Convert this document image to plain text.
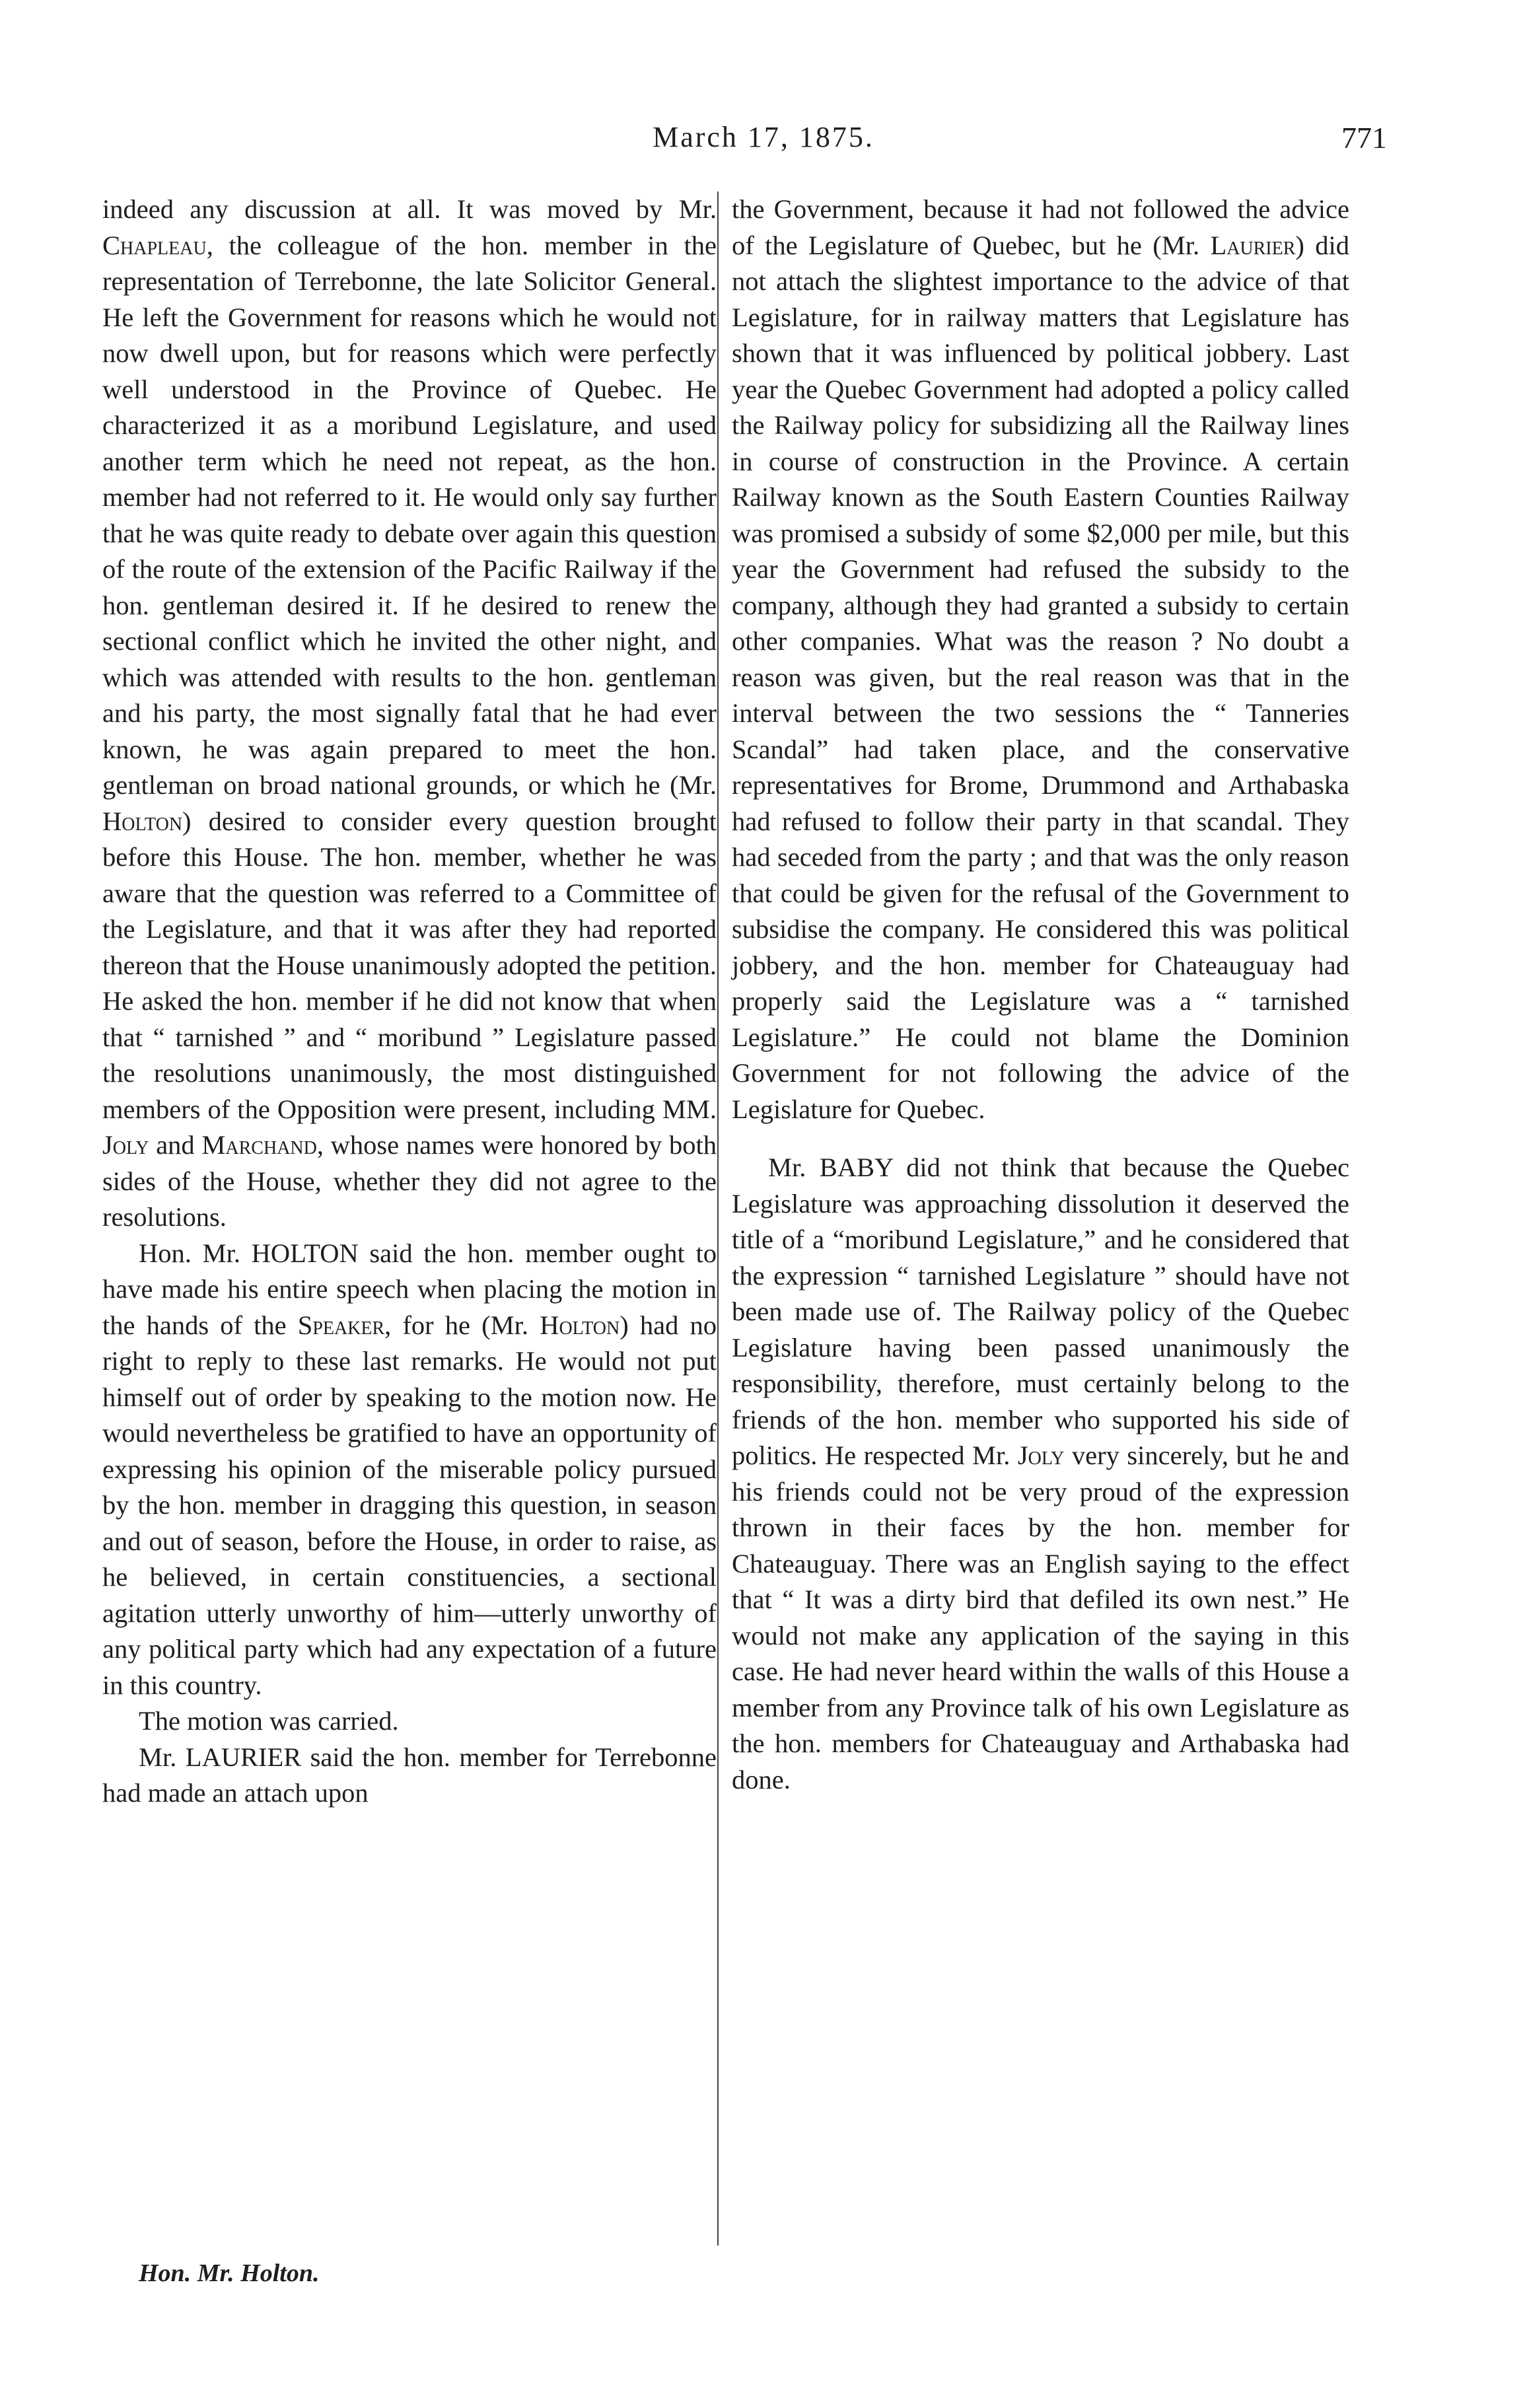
March 17, 1875.	771

indeed any discussion at all. It was moved by Mr. Chapleau, the colleague of the hon. member in the representation of Terrebonne, the late Solicitor General. He left the Government for reasons which he would not now dwell upon, but for reasons which were perfectly well understood in the Province of Quebec. He characterized it as a moribund Legislature, and used another term which he need not repeat, as the hon. member had not referred to it. He would only say further that he was quite ready to debate over again this question of the route of the extension of the Pacific Railway if the hon. gentleman desired it. If he desired to renew the sectional conflict which he invited the other night, and which was attended with results to the hon. gentleman and his party, the most signally fatal that he had ever known, he was again prepared to meet the hon. gentleman on broad national grounds, or which he (Mr. Holton) desired to consider every question brought before this House. The hon. member, whether he was aware that the question was referred to a Committee of the Legislature, and that it was after they had reported thereon that the House unanimously adopted the petition. He asked the hon. member if he did not know that when that “ tarnished ” and “ moribund ” Legislature passed the resolutions unanimously, the most distinguished members of the Opposition were present, including MM. Joly and Marchand, whose names were honored by both sides of the House, whether they did not agree to the resolutions.

Hon. Mr. HOLTON said the hon. member ought to have made his entire speech when placing the motion in the hands of the Speaker, for he (Mr. Holton) had no right to reply to these last remarks. He would not put himself out of order by speaking to the motion now. He would nevertheless be gratified to have an opportunity of expressing his opinion of the miserable policy pursued by the hon. member in dragging this question, in season and out of season, before the House, in order to raise, as he believed, in certain constituencies, a sectional agitation utterly unworthy of him—utterly unworthy of any political party which had any expectation of a future in this country.

The motion was carried.

Mr. LAURIER said the hon. member for Terrebonne had made an attach upon

the Government, because it had not followed the advice of the Legislature of Quebec, but he (Mr. Laurier) did not attach the slightest importance to the advice of that Legislature, for in railway matters that Legislature has shown that it was influenced by political jobbery. Last year the Quebec Government had adopted a policy called the Railway policy for subsidizing all the Railway lines in course of construction in the Province. A certain Railway known as the South Eastern Counties Railway was promised a subsidy of some $2,000 per mile, but this year the Government had refused the subsidy to the company, although they had granted a subsidy to certain other companies. What was the reason ? No doubt a reason was given, but the real reason was that in the interval between the two sessions the “ Tanneries Scandal” had taken place, and the conservative representatives for Brome, Drummond and Arthabaska had refused to follow their party in that scandal. They had seceded from the party ; and that was the only reason that could be given for the refusal of the Government to subsidise the company. He considered this was political jobbery, and the hon. member for Chateauguay had properly said the Legislature was a “ tarnished Legislature.” He could not blame the Dominion Government for not following the advice of the Legislature for Quebec.

Mr. BABY did not think that because the Quebec Legislature was approaching dissolution it deserved the title of a “moribund Legislature,” and he considered that the expression “ tarnished Legislature ” should have not been made use of. The Railway policy of the Quebec Legislature having been passed unanimously the responsibility, therefore, must certainly belong to the friends of the hon. member who supported his side of politics. He respected Mr. Joly very sincerely, but he and his friends could not be very proud of the expression thrown in their faces by the hon. member for Chateauguay. There was an English saying to the effect that “ It was a dirty bird that defiled its own nest.” He would not make any application of the saying in this case. He had never heard within the walls of this House a member from any Province talk of his own Legislature as the hon. members for Chateauguay and Arthabaska had done.

Hon. Mr. Holton.
